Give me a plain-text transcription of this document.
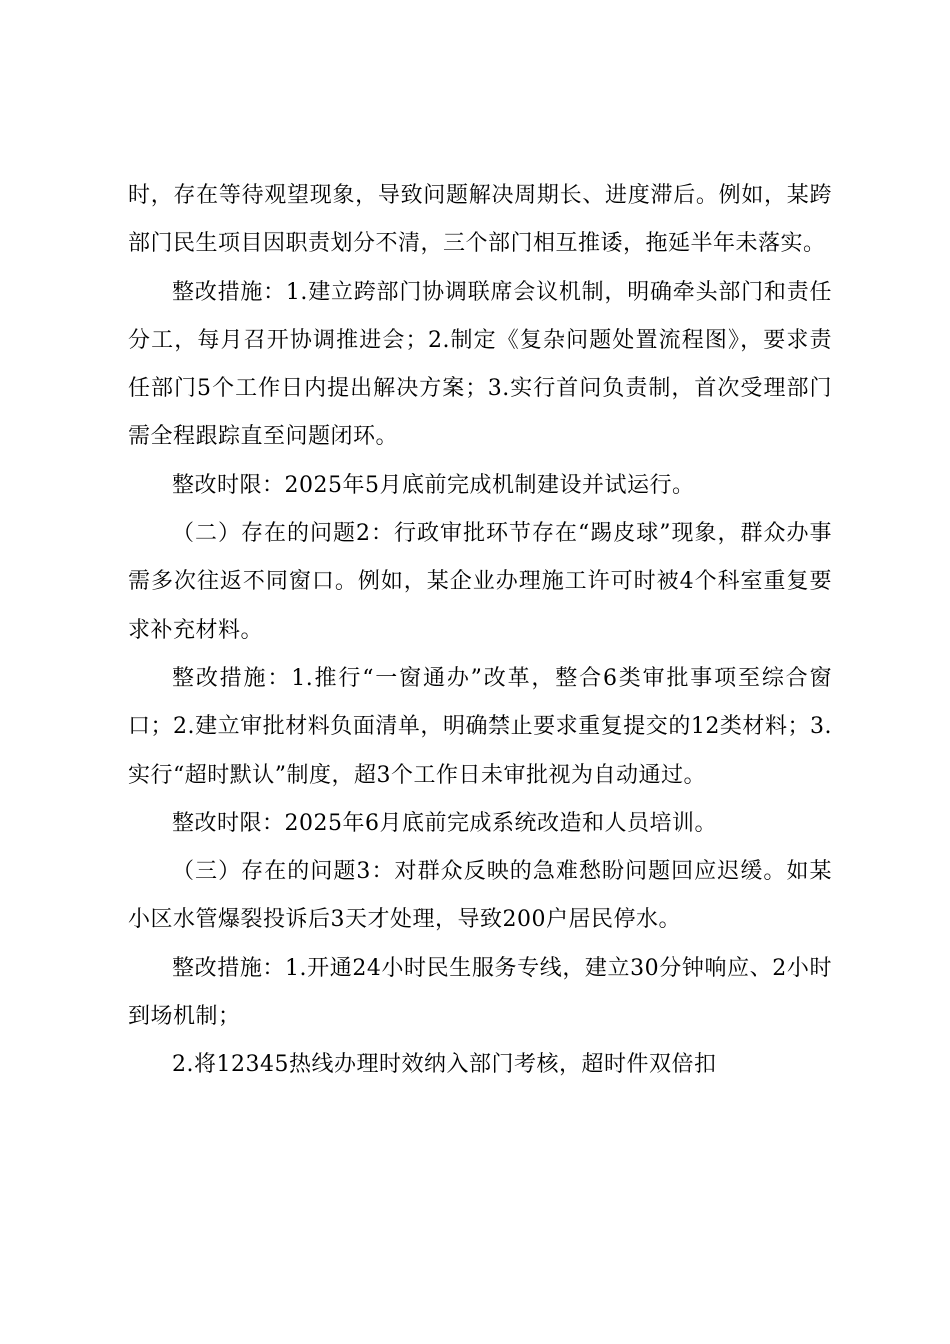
时，存在等待观望现象，导致问题解决周期长、进度滞后。例如，某跨部门民生项目因职责划分不清，三个部门相互推诿，拖延半年未落实。

整改措施：1.建立跨部门协调联席会议机制，明确牵头部门和责任分工，每月召开协调推进会；2.制定《复杂问题处置流程图》，要求责任部门5个工作日内提出解决方案；3.实行首问负责制，首次受理部门需全程跟踪直至问题闭环。

整改时限：2025年5月底前完成机制建设并试运行。

（二）存在的问题2：行政审批环节存在“踢皮球”现象，群众办事需多次往返不同窗口。例如，某企业办理施工许可时被4个科室重复要求补充材料。

整改措施：1.推行“一窗通办”改革，整合6类审批事项至综合窗口；2.建立审批材料负面清单，明确禁止要求重复提交的12类材料；3.实行“超时默认”制度，超3个工作日未审批视为自动通过。

整改时限：2025年6月底前完成系统改造和人员培训。

（三）存在的问题3：对群众反映的急难愁盼问题回应迟缓。如某小区水管爆裂投诉后3天才处理，导致200户居民停水。

整改措施：1.开通24小时民生服务专线，建立30分钟响应、2小时到场机制；

2.将12345热线办理时效纳入部门考核，超时件双倍扣
